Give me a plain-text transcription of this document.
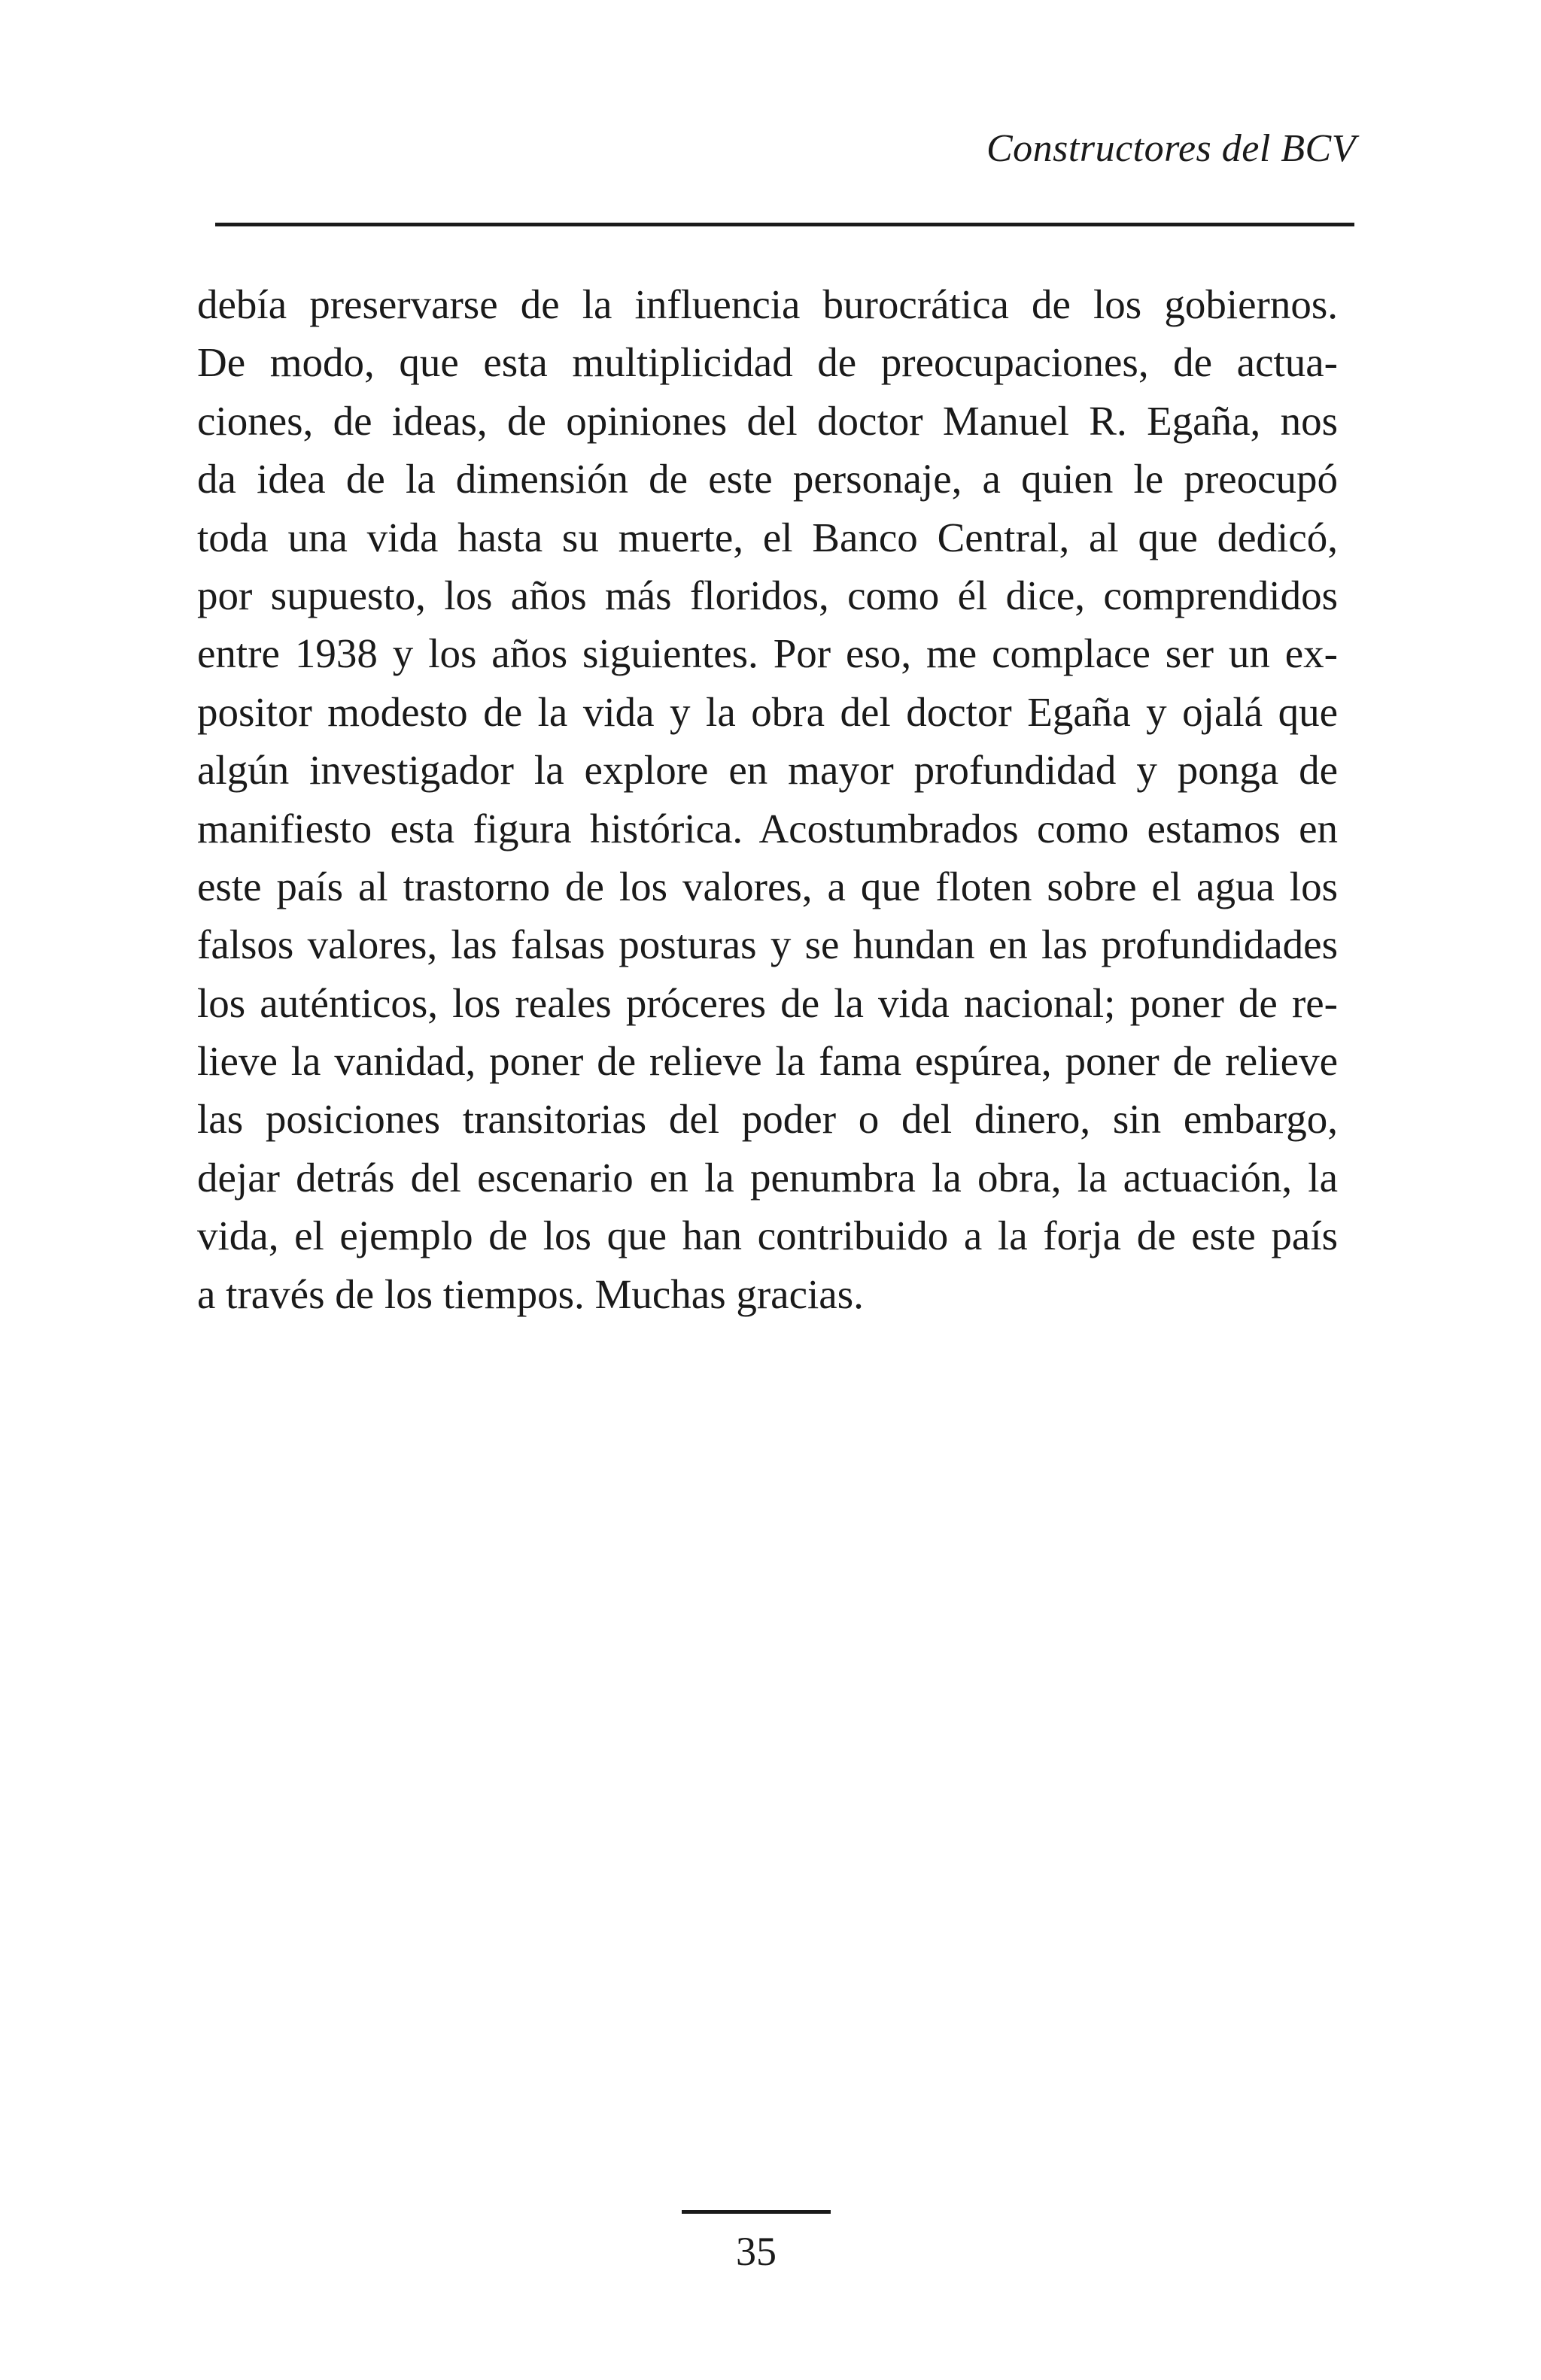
Constructores del BCV
debía preservarse de la influencia burocrática de los gobiernos.
De modo, que esta multiplicidad de preocupaciones, de actua-
ciones, de ideas, de opiniones del doctor Manuel R. Egaña, nos
da idea de la dimensión de este personaje, a quien le preocupó
toda una vida hasta su muerte, el Banco Central, al que dedicó,
por supuesto, los años más floridos, como él dice, comprendidos
entre 1938 y los años siguientes. Por eso, me complace ser un ex-
positor modesto de la vida y la obra del doctor Egaña y ojalá que
algún investigador la explore en mayor profundidad y ponga de
manifiesto esta figura histórica. Acostumbrados como estamos en
este país al trastorno de los valores, a que floten sobre el agua los
falsos valores, las falsas posturas y se hundan en las profundidades
los auténticos, los reales próceres de la vida nacional; poner de re-
lieve la vanidad, poner de relieve la fama espúrea, poner de relieve
las posiciones transitorias del poder o del dinero, sin embargo,
dejar detrás del escenario en la penumbra la obra, la actuación, la
vida, el ejemplo de los que han contribuido a la forja de este país
a través de los tiempos. Muchas gracias.
35
